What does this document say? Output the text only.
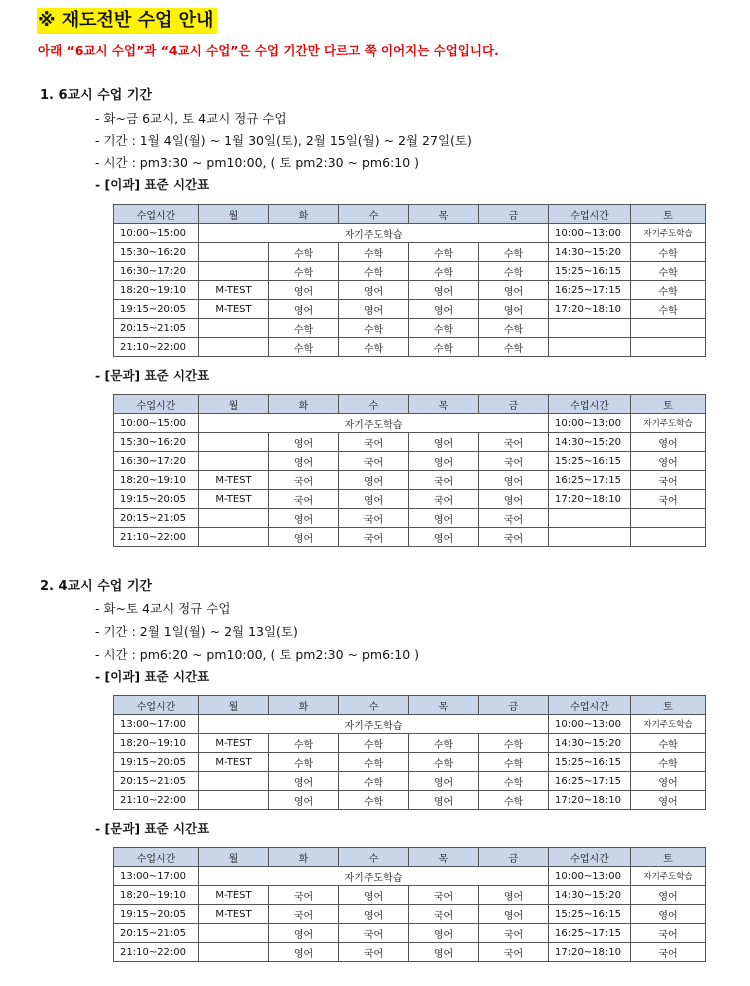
※ 재도전반 수업 안내
아래 “6교시 수업”과 “4교시 수업”은 수업 기간만 다르고 쭉 이어지는 수업입니다.
1. 6교시 수업 기간
- 화~금 6교시, 토 4교시 정규 수업
- 기간 : 1월 4일(월) ~ 1월 30일(토), 2월 15일(월) ~ 2월 27일(토)
- 시간 : pm3:30 ~ pm10:00, ( 토 pm2:30 ~ pm6:10 )
- [이과] 표준 시간표
수업시간	월	화	수	목	금	수업시간	토
10:00~15:00	자기주도학습					10:00~13:00	자기주도학습
15:30~16:20		수학	수학	수학	수학	14:30~15:20	수학
16:30~17:20		수학	수학	수학	수학	15:25~16:15	수학
18:20~19:10	M-TEST	영어	영어	영어	영어	16:25~17:15	수학
19:15~20:05	M-TEST	영어	영어	영어	영어	17:20~18:10	수학
20:15~21:05		수학	수학	수학	수학		
21:10~22:00		수학	수학	수학	수학		
- [문과] 표준 시간표
수업시간	월	화	수	목	금	수업시간	토
10:00~15:00	자기주도학습					10:00~13:00	자기주도학습
15:30~16:20		영어	국어	영어	국어	14:30~15:20	영어
16:30~17:20		영어	국어	영어	국어	15:25~16:15	영어
18:20~19:10	M-TEST	국어	영어	국어	영어	16:25~17:15	국어
19:15~20:05	M-TEST	국어	영어	국어	영어	17:20~18:10	국어
20:15~21:05		영어	국어	영어	국어		
21:10~22:00		영어	국어	영어	국어		
2. 4교시 수업 기간
- 화~토 4교시 정규 수업
- 기간 : 2월 1일(월) ~ 2월 13일(토)
- 시간 : pm6:20 ~ pm10:00, ( 토 pm2:30 ~ pm6:10 )
- [이과] 표준 시간표
수업시간	월	화	수	목	금	수업시간	토
13:00~17:00	자기주도학습					10:00~13:00	자기주도학습
18:20~19:10	M-TEST	수학	수학	수학	수학	14:30~15:20	수학
19:15~20:05	M-TEST	수학	수학	수학	수학	15:25~16:15	수학
20:15~21:05		영어	수학	영어	수학	16:25~17:15	영어
21:10~22:00		영어	수학	영어	수학	17:20~18:10	영어
- [문과] 표준 시간표
수업시간	월	화	수	목	금	수업시간	토
13:00~17:00	자기주도학습					10:00~13:00	자기주도학습
18:20~19:10	M-TEST	국어	영어	국어	영어	14:30~15:20	영어
19:15~20:05	M-TEST	국어	영어	국어	영어	15:25~16:15	영어
20:15~21:05		영어	국어	영어	국어	16:25~17:15	국어
21:10~22:00		영어	국어	영어	국어	17:20~18:10	국어
